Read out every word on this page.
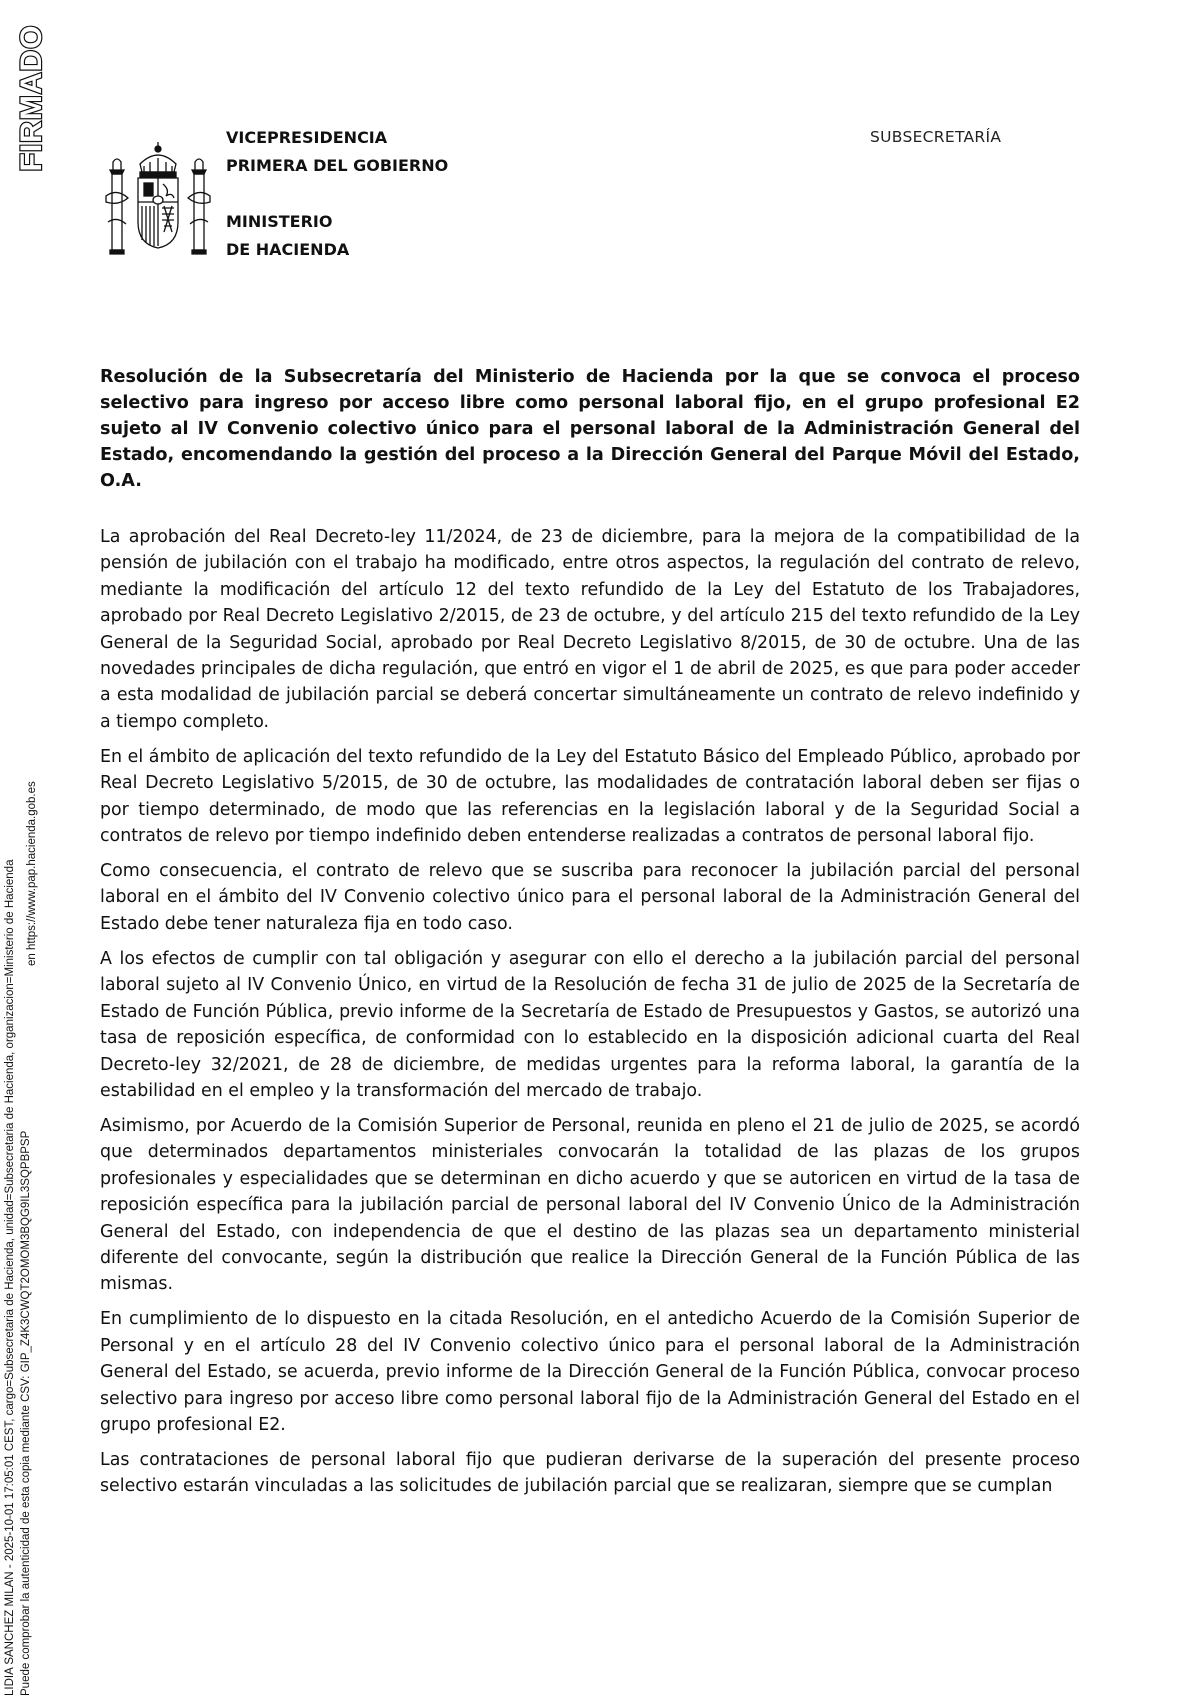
FIRMADO
LIDIA SANCHEZ MILAN - 2025-10-01 17:05:01 CEST, cargo=Subsecretaria de Hacienda, unidad=Subsecretaria de Hacienda, organizacion=Ministerio de Hacienda Puede comprobar la autenticidad de esta copia mediante CSV: GIP_Z4K3CWQT2OMOM3BQG9IL3SQPBPSP
en https://www.pap.hacienda.gob.es
VICEPRESIDENCIA
PRIMERA DEL GOBIERNO
MINISTERIO
DE HACIENDA
SUBSECRETARÍA
Resolución de la Subsecretaría del Ministerio de Hacienda por la que se convoca el proceso selectivo para ingreso por acceso libre como personal laboral fijo, en el grupo profesional E2 sujeto al IV Convenio colectivo único para el personal laboral de la Administración General del Estado, encomendando la gestión del proceso a la Dirección General del Parque Móvil del Estado, O.A.

La aprobación del Real Decreto-ley 11/2024, de 23 de diciembre, para la mejora de la compatibilidad de la pensión de jubilación con el trabajo ha modificado, entre otros aspectos, la regulación del contrato de relevo, mediante la modificación del artículo 12 del texto refundido de la Ley del Estatuto de los Trabajadores, aprobado por Real Decreto Legislativo 2/2015, de 23 de octubre, y del artículo 215 del texto refundido de la Ley General de la Seguridad Social, aprobado por Real Decreto Legislativo 8/2015, de 30 de octubre. Una de las novedades principales de dicha regulación, que entró en vigor el 1 de abril de 2025, es que para poder acceder a esta modalidad de jubilación parcial se deberá concertar simultáneamente un contrato de relevo indefinido y a tiempo completo.

En el ámbito de aplicación del texto refundido de la Ley del Estatuto Básico del Empleado Público, aprobado por Real Decreto Legislativo 5/2015, de 30 de octubre, las modalidades de contratación laboral deben ser fijas o por tiempo determinado, de modo que las referencias en la legislación laboral y de la Seguridad Social a contratos de relevo por tiempo indefinido deben entenderse realizadas a contratos de personal laboral fijo.

Como consecuencia, el contrato de relevo que se suscriba para reconocer la jubilación parcial del personal laboral en el ámbito del IV Convenio colectivo único para el personal laboral de la Administración General del Estado debe tener naturaleza fija en todo caso.

A los efectos de cumplir con tal obligación y asegurar con ello el derecho a la jubilación parcial del personal laboral sujeto al IV Convenio Único, en virtud de la Resolución de fecha 31 de julio de 2025 de la Secretaría de Estado de Función Pública, previo informe de la Secretaría de Estado de Presupuestos y Gastos, se autorizó una tasa de reposición específica, de conformidad con lo establecido en la disposición adicional cuarta del Real Decreto-ley 32/2021, de 28 de diciembre, de medidas urgentes para la reforma laboral, la garantía de la estabilidad en el empleo y la transformación del mercado de trabajo.

Asimismo, por Acuerdo de la Comisión Superior de Personal, reunida en pleno el 21 de julio de 2025, se acordó que determinados departamentos ministeriales convocarán la totalidad de las plazas de los grupos profesionales y especialidades que se determinan en dicho acuerdo y que se autoricen en virtud de la tasa de reposición específica para la jubilación parcial de personal laboral del IV Convenio Único de la Administración General del Estado, con independencia de que el destino de las plazas sea un departamento ministerial diferente del convocante, según la distribución que realice la Dirección General de la Función Pública de las mismas.

En cumplimiento de lo dispuesto en la citada Resolución, en el antedicho Acuerdo de la Comisión Superior de Personal y en el artículo 28 del IV Convenio colectivo único para el personal laboral de la Administración General del Estado, se acuerda, previo informe de la Dirección General de la Función Pública, convocar proceso selectivo para ingreso por acceso libre como personal laboral fijo de la Administración General del Estado en el grupo profesional E2.

Las contrataciones de personal laboral fijo que pudieran derivarse de la superación del presente proceso selectivo estarán vinculadas a las solicitudes de jubilación parcial que se realizaran, siempre que se cumplan
